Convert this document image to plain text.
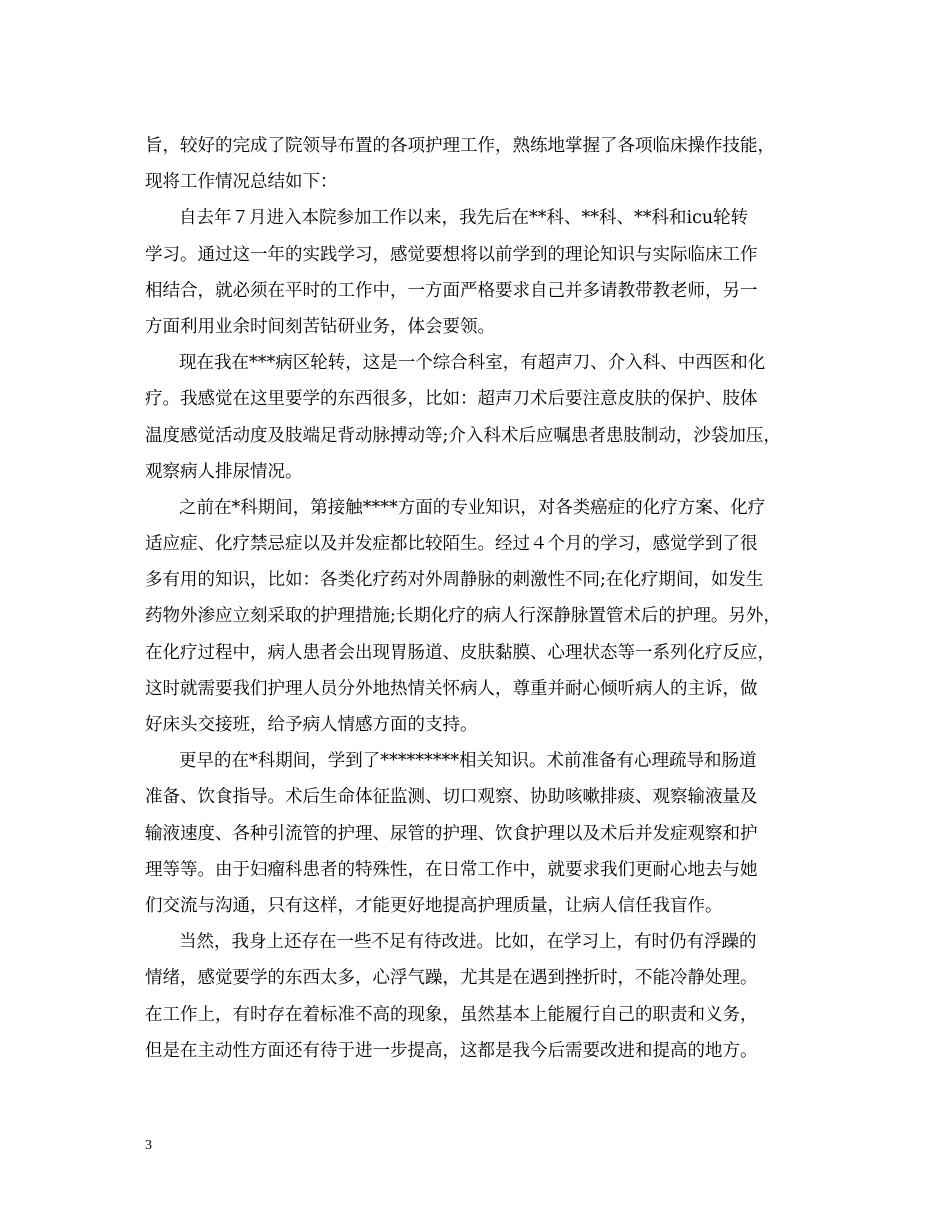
旨，较好的完成了院领导布置的各项护理工作，熟练地掌握了各项临床操作技能，
现将工作情况总结如下：
自去年７月进入本院参加工作以来，我先后在**科、**科、**科和icu轮转
学习。通过这一年的实践学习，感觉要想将以前学到的理论知识与实际临床工作
相结合，就必须在平时的工作中，一方面严格要求自己并多请教带教老师，另一
方面利用业余时间刻苦钻研业务，体会要领。
现在我在***病区轮转，这是一个综合科室，有超声刀、介入科、中西医和化
疗。我感觉在这里要学的东西很多，比如：超声刀术后要注意皮肤的保护、肢体
温度感觉活动度及肢端足背动脉搏动等;介入科术后应嘱患者患肢制动，沙袋加压，
观察病人排尿情况。
之前在*科期间，第接触****方面的专业知识，对各类癌症的化疗方案、化疗
适应症、化疗禁忌症以及并发症都比较陌生。经过４个月的学习，感觉学到了很
多有用的知识，比如：各类化疗药对外周静脉的刺激性不同;在化疗期间，如发生
药物外渗应立刻采取的护理措施;长期化疗的病人行深静脉置管术后的护理。另外，
在化疗过程中，病人患者会出现胃肠道、皮肤黏膜、心理状态等一系列化疗反应，
这时就需要我们护理人员分外地热情关怀病人，尊重并耐心倾听病人的主诉，做
好床头交接班，给予病人情感方面的支持。
更早的在*科期间，学到了*********相关知识。术前准备有心理疏导和肠道
准备、饮食指导。术后生命体征监测、切口观察、协助咳嗽排痰、观察输液量及
输液速度、各种引流管的护理、尿管的护理、饮食护理以及术后并发症观察和护
理等等。由于妇瘤科患者的特殊性，在日常工作中，就要求我们更耐心地去与她
们交流与沟通，只有这样，才能更好地提高护理质量，让病人信任我盲作。
当然，我身上还存在一些不足有待改进。比如，在学习上，有时仍有浮躁的
情绪，感觉要学的东西太多，心浮气躁，尤其是在遇到挫折时，不能冷静处理。
在工作上，有时存在着标准不高的现象，虽然基本上能履行自己的职责和义务，
但是在主动性方面还有待于进一步提高，这都是我今后需要改进和提高的地方。
3
